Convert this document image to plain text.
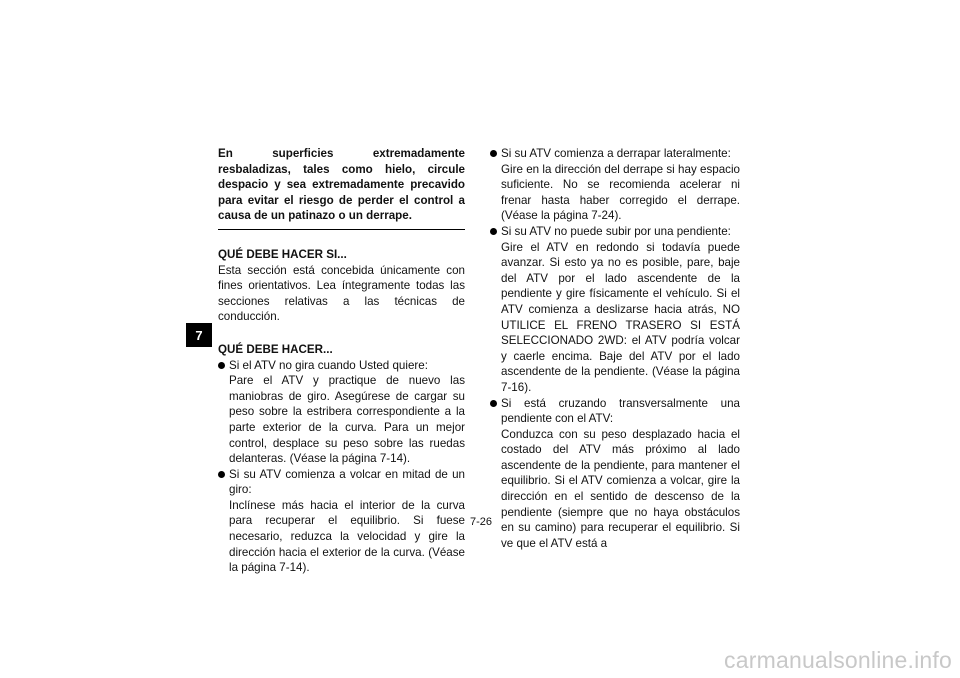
7

En superficies extremadamente resbaladizas, tales como hielo, circule despacio y sea extremadamente precavido para evitar el riesgo de perder el control a causa de un patinazo o un derrape.

QUÉ DEBE HACER SI...

Esta sección está concebida únicamente con fines orientativos. Lea íntegramente todas las secciones relativas a las técnicas de conducción.

QUÉ DEBE HACER...

Si el ATV no gira cuando Usted quiere:
Pare el ATV y practique de nuevo las maniobras de giro. Asegúrese de cargar su peso sobre la estribera correspondiente a la parte exterior de la curva. Para un mejor control, desplace su peso sobre las ruedas delanteras. (Véase la página 7-14).
Si su ATV comienza a volcar en mitad de un giro:
Inclínese más hacia el interior de la curva para recuperar el equilibrio. Si fuese necesario, reduzca la velocidad y gire la dirección hacia el exterior de la curva. (Véase la página 7-14).
Si su ATV comienza a derrapar lateralmente:
Gire en la dirección del derrape si hay espacio suficiente. No se recomienda acelerar ni frenar hasta haber corregido el derrape. (Véase la página 7-24).
Si su ATV no puede subir por una pendiente:
Gire el ATV en redondo si todavía puede avanzar. Si esto ya no es posible, pare, baje del ATV por el lado ascendente de la pendiente y gire físicamente el vehículo. Si el ATV comienza a deslizarse hacia atrás, NO UTILICE EL FRENO TRASERO SI ESTÁ SELECCIONADO 2WD: el ATV podría volcar y caerle encima. Baje del ATV por el lado ascendente de la pendiente. (Véase la página 7-16).
Si está cruzando transversalmente una pendiente con el ATV:
Conduzca con su peso desplazado hacia el costado del ATV más próximo al lado ascendente de la pendiente, para mantener el equilibrio. Si el ATV comienza a volcar, gire la dirección en el sentido de descenso de la pendiente (siempre que no haya obstáculos en su camino) para recuperar el equilibrio. Si ve que el ATV está a
7-26
carmanualsonline.info
